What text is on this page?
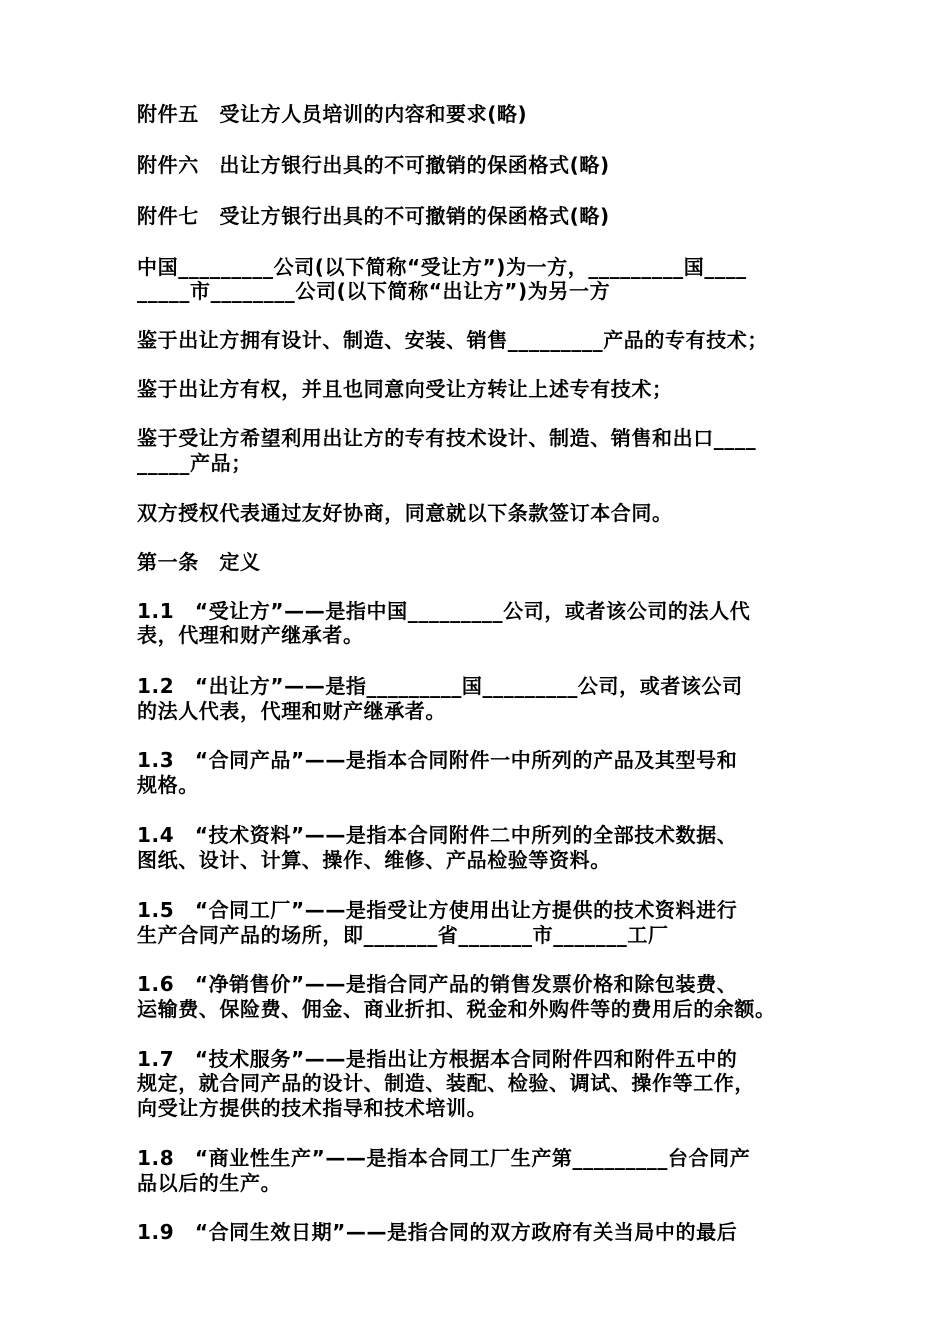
附件五　受让方人员培训的内容和要求(略)
附件六　出让方银行出具的不可撤销的保函格式(略)
附件七　受让方银行出具的不可撤销的保函格式(略)
中国_________公司(以下简称“受让方”)为一方，_________国____
_____市________公司(以下简称“出让方”)为另一方
鉴于出让方拥有设计、制造、安装、销售_________产品的专有技术；
鉴于出让方有权，并且也同意向受让方转让上述专有技术；
鉴于受让方希望利用出让方的专有技术设计、制造、销售和出口____
_____产品；
双方授权代表通过友好协商，同意就以下条款签订本合同。
第一条　定义
1.1　“受让方”——是指中国_________公司，或者该公司的法人代
表，代理和财产继承者。
1.2　“出让方”——是指_________国_________公司，或者该公司
的法人代表，代理和财产继承者。
1.3　“合同产品”——是指本合同附件一中所列的产品及其型号和
规格。
1.4　“技术资料”——是指本合同附件二中所列的全部技术数据、
图纸、设计、计算、操作、维修、产品检验等资料。
1.5　“合同工厂”——是指受让方使用出让方提供的技术资料进行
生产合同产品的场所，即_______省_______市_______工厂
1.6　“净销售价”——是指合同产品的销售发票价格和除包装费、
运输费、保险费、佣金、商业折扣、税金和外购件等的费用后的余额。
1.7　“技术服务”——是指出让方根据本合同附件四和附件五中的
规定，就合同产品的设计、制造、装配、检验、调试、操作等工作，
向受让方提供的技术指导和技术培训。
1.8　“商业性生产”——是指本合同工厂生产第_________台合同产
品以后的生产。
1.9　“合同生效日期”——是指合同的双方政府有关当局中的最后
